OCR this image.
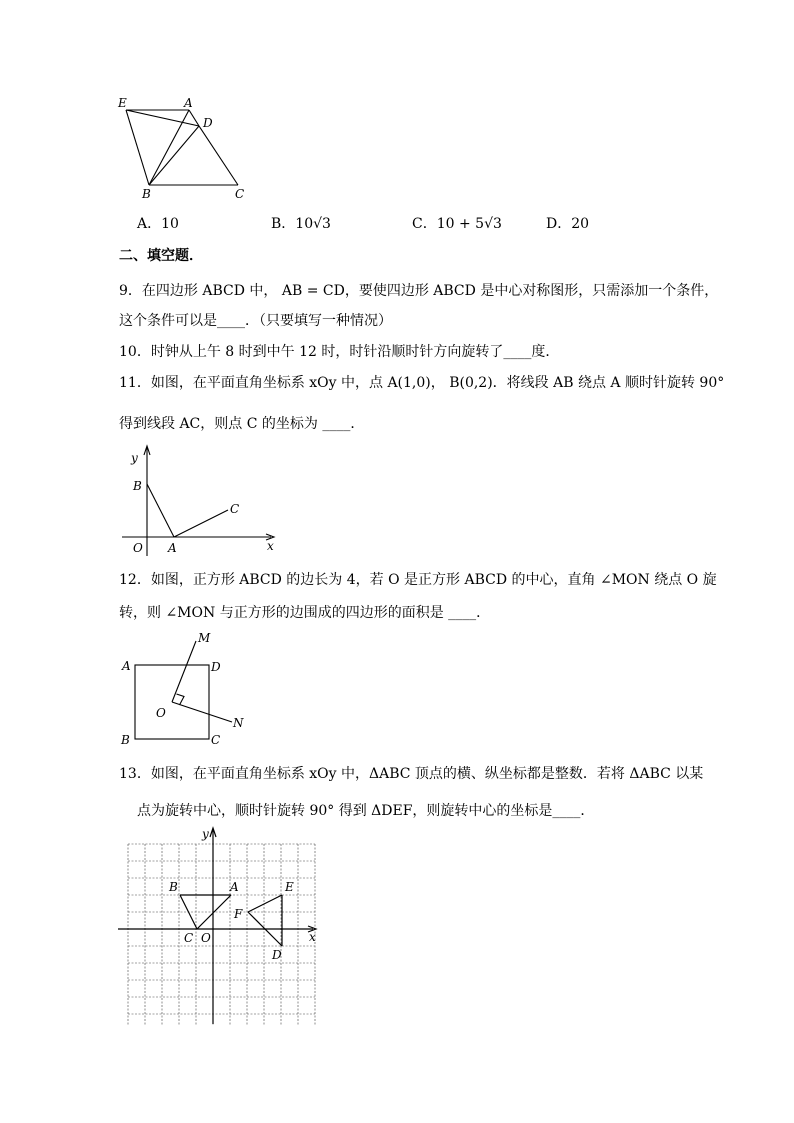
E	A
D
B	C
A．10	B．10√3	C．10 + 5√3	D．20
二、填空题．
9．在四边形 ABCD 中， AB = CD，要使四边形 ABCD 是中心对称图形，只需添加一个条件，
这个条件可以是____．（只要填写一种情况）
10．时钟从上午 8 时到中午 12 时，时针沿顺时针方向旋转了____度．
11．如图，在平面直角坐标系 xOy 中，点 A(1,0)， B(0,2)．将线段 AB 绕点 A 顺时针旋转 90°
得到线段 AC，则点 C 的坐标为 ____．
y
B
C
O A	x
12．如图，正方形 ABCD 的边长为 4，若 O 是正方形 ABCD 的中心，直角 ∠MON 绕点 O 旋
转，则 ∠MON 与正方形的边围成的四边形的面积是 ____．
A
M
D
O
N
B	C
13．如图，在平面直角坐标系 xOy 中，ΔABC 顶点的横、纵坐标都是整数．若将 ΔABC 以某
点为旋转中心，顺时针旋转 90° 得到 ΔDEF，则旋转中心的坐标是____．
y
x
B	A	E
F
C O
D
